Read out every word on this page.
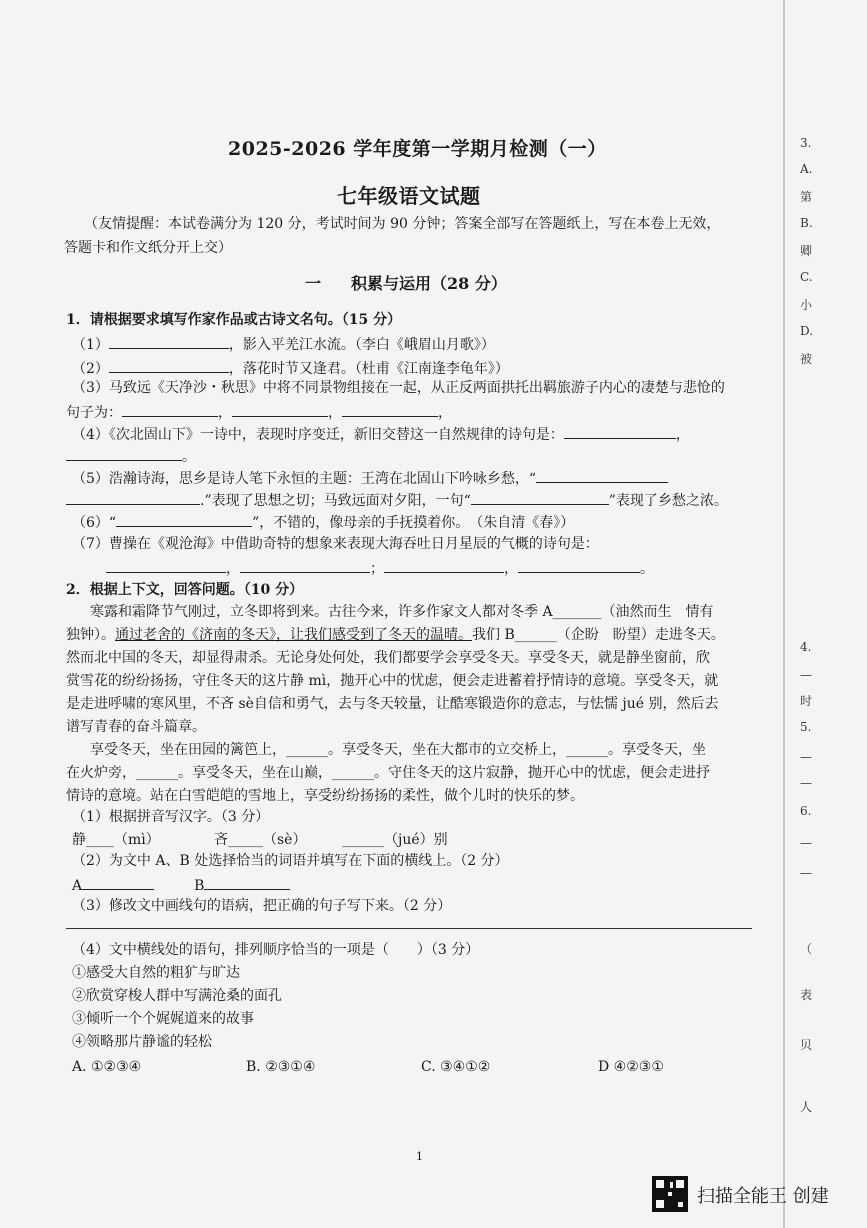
2025-2026 学年度第一学期月检测（一）
七年级语文试题
（友情提醒：本试卷满分为 120 分，考试时间为 90 分钟；答案全部写在答题纸上，写在本卷上无效，
答题卡和作文纸分开上交）
一 积累与运用（28 分）
1．请根据要求填写作家作品或古诗文名句。（15 分）
（1）	，影入平羌江水流。（李白《峨眉山月歌》）
（2）	，落花时节又逢君。（杜甫《江南逢李龟年》）
（3）马致远《天净沙・秋思》中将不同景物组接在一起，从正反两面拱托出羁旅游子内心的凄楚与悲怆的
句子为：	，	，	，
（4）《次北固山下》一诗中，表现时序变迁，新旧交替这一自然规律的诗句是：	，
。
（5）浩瀚诗海，思乡是诗人笔下永恒的主题：王湾在北固山下吟咏乡愁，“
.”表现了思想之切；马致远面对夕阳，一句“	”表现了乡愁之浓。
（6）“	”，不错的，像母亲的手抚摸着你。　（朱自清《春》）
（7）曹操在《观沧海》中借助奇特的想象来表现大海吞吐日月星辰的气概的诗句是：
，	；	，	。
2．根据上下文，回答问题。（10 分）
寒露和霜降节气刚过，立冬即将到来。古往今来，许多作家文人都对冬季 A_______（油然而生　情有
独钟）。通过老舍的《济南的冬天》，让我们感受到了冬天的温晴。我们 B______（企盼　盼望）走进冬天。
然而北中国的冬天，却显得肃杀。无论身处何处，我们都要学会享受冬天。享受冬天，就是静坐窗前，欣
赏雪花的纷纷扬扬，守住冬天的这片静 mì，抛开心中的忧虑，便会走进蓄着抒情诗的意境。享受冬天，就
是走进呼啸的寒风里，不吝 sè自信和勇气，去与冬天较量，让酷寒锻造你的意志，与怯懦 jué 别，然后去
谱写青春的奋斗篇章。
享受冬天，坐在田园的篱笆上，______。享受冬天，坐在大都市的立交桥上，______。享受冬天，坐
在火炉旁，______。享受冬天，坐在山巅，______。守住冬天的这片寂静，抛开心中的忧虑，便会走进抒
情诗的意境。站在白雪皑皑的雪地上，享受纷纷扬扬的柔性，做个儿时的快乐的梦。
（1）根据拼音写汉字。（3 分）
静____（mì）	吝_____（sè）	______（jué）别
（2）为文中 A、B 处选择恰当的词语并填写在下面的横线上。（2 分）
A	B
（3）修改文中画线句的语病，把正确的句子写下来。（2 分）
（4）文中横线处的语句，排列顺序恰当的一项是（　　）（3 分）
①感受大自然的粗犷与旷达
②欣赏穿梭人群中写满沧桑的面孔
③倾听一个个娓娓道来的故事
④领略那片静谧的轻松
A. ①②③④	B. ②③①④	C. ③④①②	D ④②③①
1
3.
A.
第
B.
卿
C.
小
D.
被
4.
—
时
5.
—
—
6.
—
—
（
表
贝
人
扫描全能王 创建
